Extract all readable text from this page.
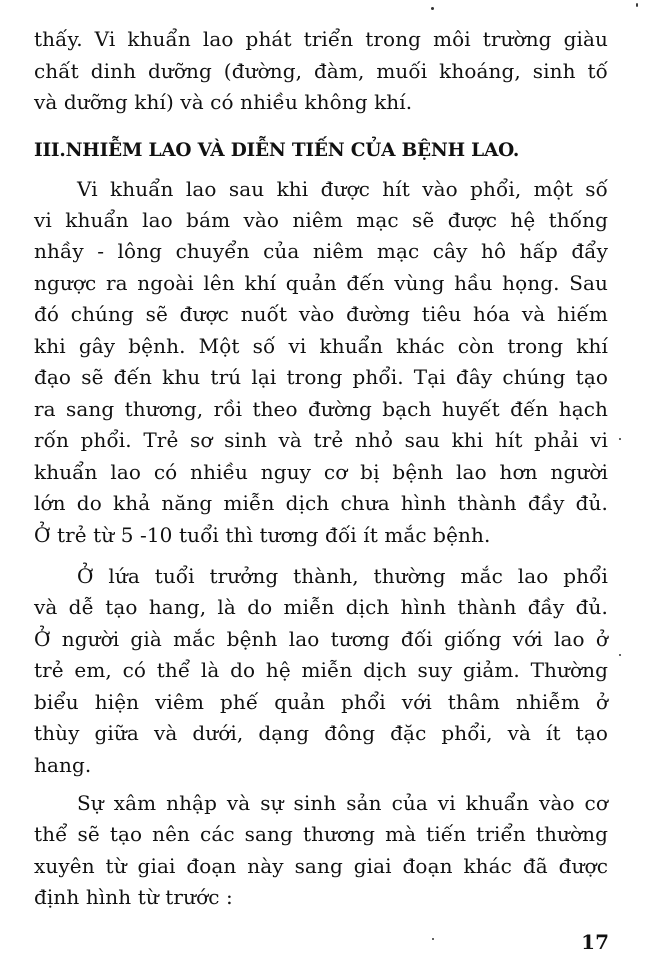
thấy. Vi khuẩn lao phát triển trong môi trường giàu
chất dinh dưỡng (đường, đàm, muối khoáng, sinh tố
và dưỡng khí) và có nhiều không khí.
III.NHIỄM LAO VÀ DIỄN TIẾN CỦA BỆNH LAO.
Vi khuẩn lao sau khi được hít vào phổi, một số
vi khuẩn lao bám vào niêm mạc sẽ được hệ thống
nhầy - lông chuyển của niêm mạc cây hô hấp đẩy
ngược ra ngoài lên khí quản đến vùng hầu họng. Sau
đó chúng sẽ được nuốt vào đường tiêu hóa và hiếm
khi gây bệnh. Một số vi khuẩn khác còn trong khí
đạo sẽ đến khu trú lại trong phổi. Tại đây chúng tạo
ra sang thương, rồi theo đường bạch huyết đến hạch
rốn phổi. Trẻ sơ sinh và trẻ nhỏ sau khi hít phải vi
khuẩn lao có nhiều nguy cơ bị bệnh lao hơn người
lớn do khả năng miễn dịch chưa hình thành đầy đủ.
Ở trẻ từ 5 -10 tuổi thì tương đối ít mắc bệnh.
Ở lứa tuổi trưởng thành, thường mắc lao phổi
và dễ tạo hang, là do miễn dịch hình thành đầy đủ.
Ở người già mắc bệnh lao tương đối giống với lao ở
trẻ em, có thể là do hệ miễn dịch suy giảm. Thường
biểu hiện viêm phế quản phổi với thâm nhiễm ở
thùy giữa và dưới, dạng đông đặc phổi, và ít tạo
hang.
Sự xâm nhập và sự sinh sản của vi khuẩn vào cơ
thể sẽ tạo nên các sang thương mà tiến triển thường
xuyên từ giai đoạn này sang giai đoạn khác đã được
định hình từ trước :
17
